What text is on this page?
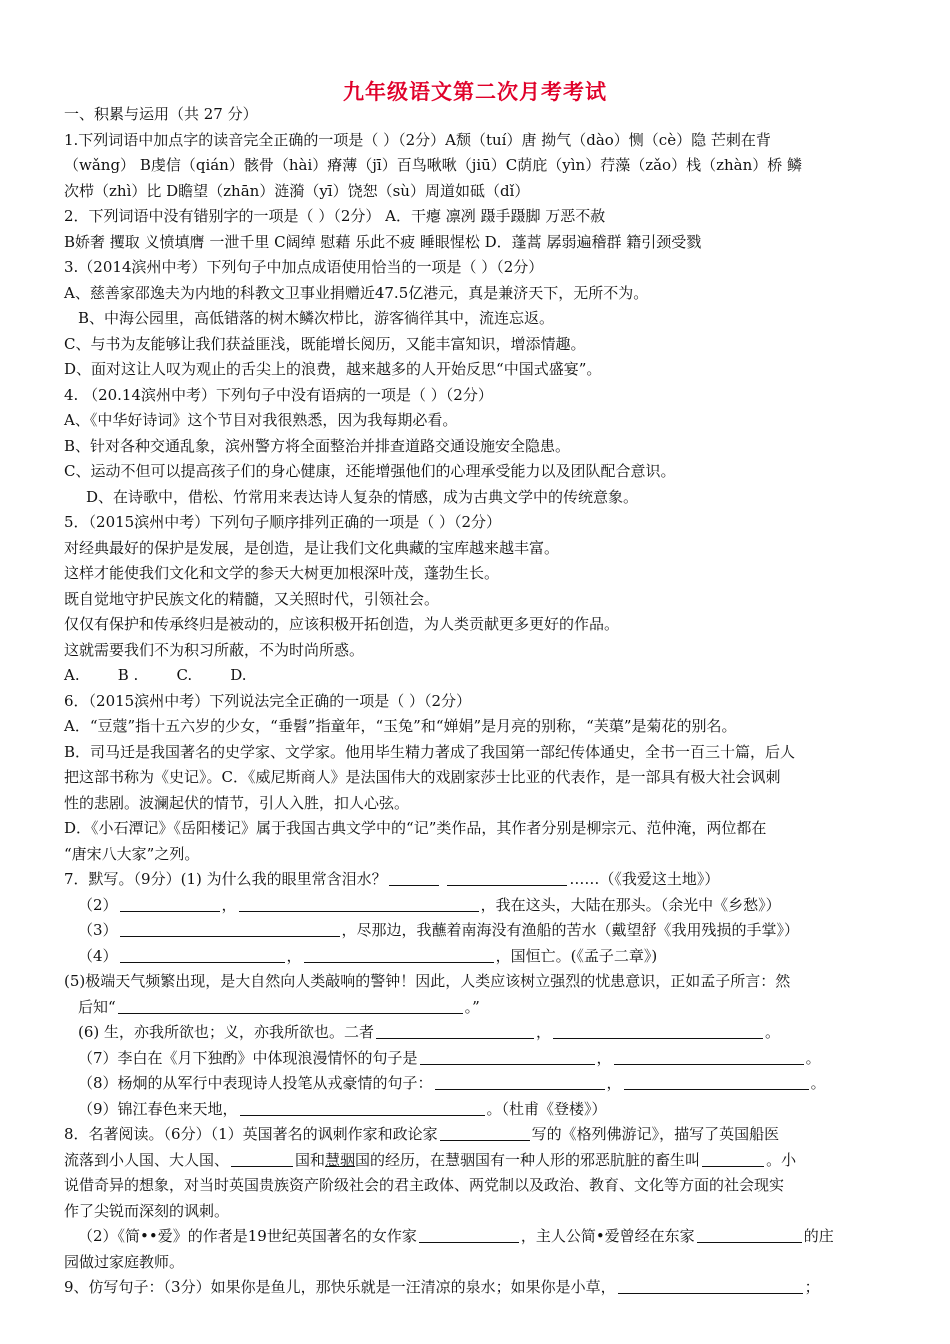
九年级语文第二次月考考试
一、积累与运用（共 27 分）
1.下列词语中加点字的读音完全正确的一项是（ ）（2分）A颓（tuí）唐 拗气（dào）恻（cè）隐 芒刺在背
（wǎng） B虔信（qián）骸骨（hài）瘠薄（jī）百鸟啾啾（jiū）C荫庇（yìn）荇藻（zǎo）栈（zhàn）桥 鳞
次栉（zhì）比 D瞻望（zhān）涟漪（yī）饶恕（sù）周道如砥（dǐ）
2．下列词语中没有错别字的一项是（ ）（2分） A．干瘪 凛冽 蹑手蹑脚 万恶不赦
B娇奢 攫取 义愤填膺 一泄千里 C阔绰 慰藉 乐此不疲 睡眼惺松 D．蓬蒿 孱弱遍稽群 籍引颈受戮
3.（2014滨州中考）下列句子中加点成语使用恰当的一项是（ ）（2分）
A、慈善家邵逸夫为内地的科教文卫事业捐赠近47.5亿港元，真是兼济天下，无所不为。
B、中海公园里，高低错落的树木鳞次栉比，游客徜徉其中，流连忘返。
C、与书为友能够让我们获益匪浅，既能增长阅历，又能丰富知识，增添情趣。
D、面对这让人叹为观止的舌尖上的浪费，越来越多的人开始反思“中国式盛宴”。
4. （20.14滨州中考）下列句子中没有语病的一项是（ ）（2分）
A、《中华好诗词》这个节目对我很熟悉，因为我每期必看。
B、针对各种交通乱象，滨州警方将全面整治并排查道路交通设施安全隐患。
C、运动不但可以提高孩子们的身心健康，还能增强他们的心理承受能力以及团队配合意识。
D、在诗歌中，借松、竹常用来表达诗人复杂的情感，成为古典文学中的传统意象。
5．（2015滨州中考）下列句子顺序排列正确的一项是（ ）（2分）
对经典最好的保护是发展，是创造，是让我们文化典藏的宝库越来越丰富。
这样才能使我们文化和文学的参天大树更加根深叶茂，蓬勃生长。
既自觉地守护民族文化的精髓，又关照时代，引领社会。
仅仅有保护和传承终归是被动的，应该积极开拓创造，为人类贡献更多更好的作品。
这就需要我们不为积习所蔽，不为时尚所惑。
A.        B .        C.        D.
6．（2015滨州中考）下列说法完全正确的一项是（ ）（2分）
A．“豆蔻”指十五六岁的少女，“垂髫”指童年，“玉兔”和“婵娟”是月亮的别称，“芙蕖”是菊花的别名。
B．司马迁是我国著名的史学家、文学家。他用毕生精力著成了我国第一部纪传体通史，全书一百三十篇，后人
把这部书称为《史记》。C．《威尼斯商人》是法国伟大的戏剧家莎士比亚的代表作，是一部具有极大社会讽刺
性的悲剧。波澜起伏的情节，引人入胜，扣人心弦。
D．《小石潭记》《岳阳楼记》属于我国古典文学中的“记”类作品，其作者分别是柳宗元、范仲淹，两位都在
“唐宋八大家”之列。
7．默写。（9分）(1) 为什么我的眼里常含泪水？	……（《我爱这土地》）
（2）	，	，我在这头，大陆在那头。（余光中《乡愁》）
（3）	，尽那边，我蘸着南海没有渔船的苦水（戴望舒《我用残损的手掌》）
（4）	，	，国恒亡。(《孟子二章》)
(5)极端天气频繁出现，是大自然向人类敲响的警钟！因此，人类应该树立强烈的忧患意识，正如孟子所言：然
后知“	。”
(6) 生，亦我所欲也；义，亦我所欲也。二者	，	。
（7）李白在《月下独酌》中体现浪漫情怀的句子是	，	。
（8）杨炯的从军行中表现诗人投笔从戎豪情的句子：	，	。
（9）锦江春色来天地，	。（杜甫《登楼》）
8．名著阅读。（6分）（1）英国著名的讽刺作家和政论家	写的《格列佛游记》，描写了英国船医
流落到小人国、大人国、	国和慧骃国的经历，在慧骃国有一种人形的邪恶肮脏的畜生叫	。小
说借奇异的想象，对当时英国贵族资产阶级社会的君主政体、两党制以及政治、教育、文化等方面的社会现实
作了尖锐而深刻的讽刺。
（2）《简••爱》的作者是19世纪英国著名的女作家	，主人公简•爱曾经在东家	的庄
园做过家庭教师。
9、仿写句子：（3分）如果你是鱼儿，那快乐就是一汪清凉的泉水；如果你是小草，	；
